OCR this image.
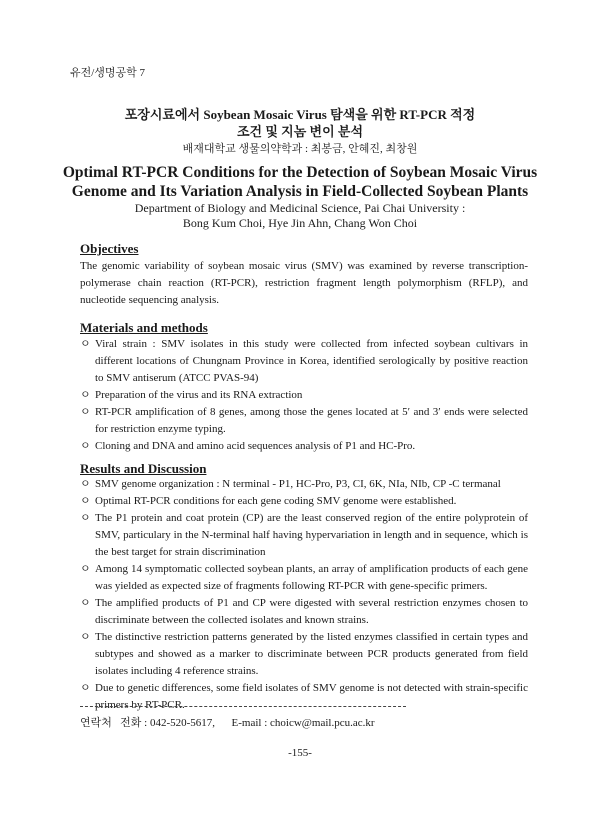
유전/생명공학 7
포장시료에서 Soybean Mosaic Virus 탐색을 위한 RT-PCR 적정
조건 및 지놈 변이 분석
배재대학교 생물의약학과 : 최봉금, 안혜진, 최창원
Optimal RT-PCR Conditions for the Detection of Soybean Mosaic Virus
Genome and Its Variation Analysis in Field-Collected Soybean Plants
Department of Biology and Medicinal Science, Pai Chai University :
Bong Kum Choi, Hye Jin Ahn, Chang Won Choi
Objectives
The genomic variability of soybean mosaic virus (SMV) was examined by reverse transcription-polymerase chain reaction (RT-PCR), restriction fragment length polymorphism (RFLP), and nucleotide sequencing analysis.
Materials and methods
ㅇ Viral strain : SMV isolates in this study were collected from infected soybean cultivars in different locations of Chungnam Province in Korea, identified serologically by positive reaction to SMV antiserum (ATCC PVAS-94)
ㅇ Preparation of the virus and its RNA extraction
ㅇ RT-PCR amplification of 8 genes, among those the genes located at 5′ and 3′ ends were selected for restriction enzyme typing.
ㅇ Cloning and DNA and amino acid sequences analysis of P1 and HC-Pro.
Results and Discussion
ㅇ SMV genome organization : N terminal - P1, HC-Pro, P3, CI, 6K, NIa, NIb, CP -C termanal
ㅇ Optimal RT-PCR conditions for each gene coding SMV genome were established.
ㅇ The P1 protein and coat protein (CP) are the least conserved region of the entire polyprotein of SMV, particulary in the N-terminal half having hypervariation in length and in sequence, which is the best target for strain discrimination
ㅇ Among 14 symptomatic collected soybean plants, an array of amplification products of each gene was yielded as expected size of fragments following RT-PCR with gene-specific primers.
ㅇ The amplified products of P1 and CP were digested with several restriction enzymes chosen to discriminate between the collected isolates and known strains.
ㅇ The distinctive restriction patterns generated by the listed enzymes classified in certain types and subtypes and showed as a marker to discriminate between PCR products generated from field isolates including 4 reference strains.
ㅇ Due to genetic differences, some field isolates of SMV genome is not detected with strain-specific primers by RT-PCR.
연락처 전화 : 042-520-5617, E-mail : choicw@mail.pcu.ac.kr
-155-
